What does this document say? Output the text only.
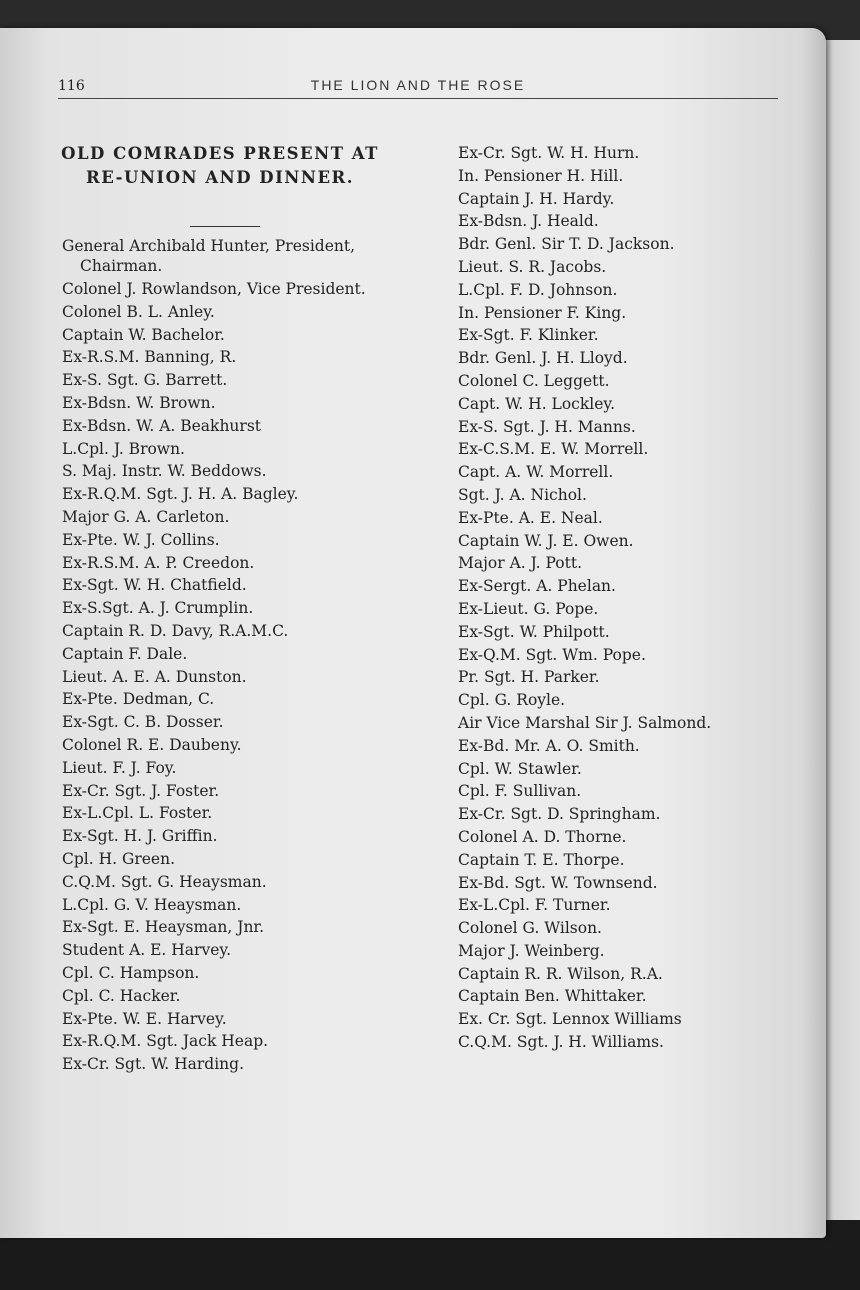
116	THE LION AND THE ROSE
OLD COMRADES PRESENT AT
RE-UNION AND DINNER.
General Archibald Hunter, President, Chairman.
Colonel J. Rowlandson, Vice President.
Colonel B. L. Anley.
Captain W. Bachelor.
Ex-R.S.M. Banning, R.
Ex-S. Sgt. G. Barrett.
Ex-Bdsn. W. Brown.
Ex-Bdsn. W. A. Beakhurst
L.Cpl. J. Brown.
S. Maj. Instr. W. Beddows.
Ex-R.Q.M. Sgt. J. H. A. Bagley.
Major G. A. Carleton.
Ex-Pte. W. J. Collins.
Ex-R.S.M. A. P. Creedon.
Ex-Sgt. W. H. Chatfield.
Ex-S.Sgt. A. J. Crumplin.
Captain R. D. Davy, R.A.M.C.
Captain F. Dale.
Lieut. A. E. A. Dunston.
Ex-Pte. Dedman, C.
Ex-Sgt. C. B. Dosser.
Colonel R. E. Daubeny.
Lieut. F. J. Foy.
Ex-Cr. Sgt. J. Foster.
Ex-L.Cpl. L. Foster.
Ex-Sgt. H. J. Griffin.
Cpl. H. Green.
C.Q.M. Sgt. G. Heaysman.
L.Cpl. G. V. Heaysman.
Ex-Sgt. E. Heaysman, Jnr.
Student A. E. Harvey.
Cpl. C. Hampson.
Cpl. C. Hacker.
Ex-Pte. W. E. Harvey.
Ex-R.Q.M. Sgt. Jack Heap.
Ex-Cr. Sgt. W. Harding.
Ex-Cr. Sgt. W. H. Hurn.
In. Pensioner H. Hill.
Captain J. H. Hardy.
Ex-Bdsn. J. Heald.
Bdr. Genl. Sir T. D. Jackson.
Lieut. S. R. Jacobs.
L.Cpl. F. D. Johnson.
In. Pensioner F. King.
Ex-Sgt. F. Klinker.
Bdr. Genl. J. H. Lloyd.
Colonel C. Leggett.
Capt. W. H. Lockley.
Ex-S. Sgt. J. H. Manns.
Ex-C.S.M. E. W. Morrell.
Capt. A. W. Morrell.
Sgt. J. A. Nichol.
Ex-Pte. A. E. Neal.
Captain W. J. E. Owen.
Major A. J. Pott.
Ex-Sergt. A. Phelan.
Ex-Lieut. G. Pope.
Ex-Sgt. W. Philpott.
Ex-Q.M. Sgt. Wm. Pope.
Pr. Sgt. H. Parker.
Cpl. G. Royle.
Air Vice Marshal Sir J. Salmond.
Ex-Bd. Mr. A. O. Smith.
Cpl. W. Stawler.
Cpl. F. Sullivan.
Ex-Cr. Sgt. D. Springham.
Colonel A. D. Thorne.
Captain T. E. Thorpe.
Ex-Bd. Sgt. W. Townsend.
Ex-L.Cpl. F. Turner.
Colonel G. Wilson.
Major J. Weinberg.
Captain R. R. Wilson, R.A.
Captain Ben. Whittaker.
Ex. Cr. Sgt. Lennox Williams
C.Q.M. Sgt. J. H. Williams.
